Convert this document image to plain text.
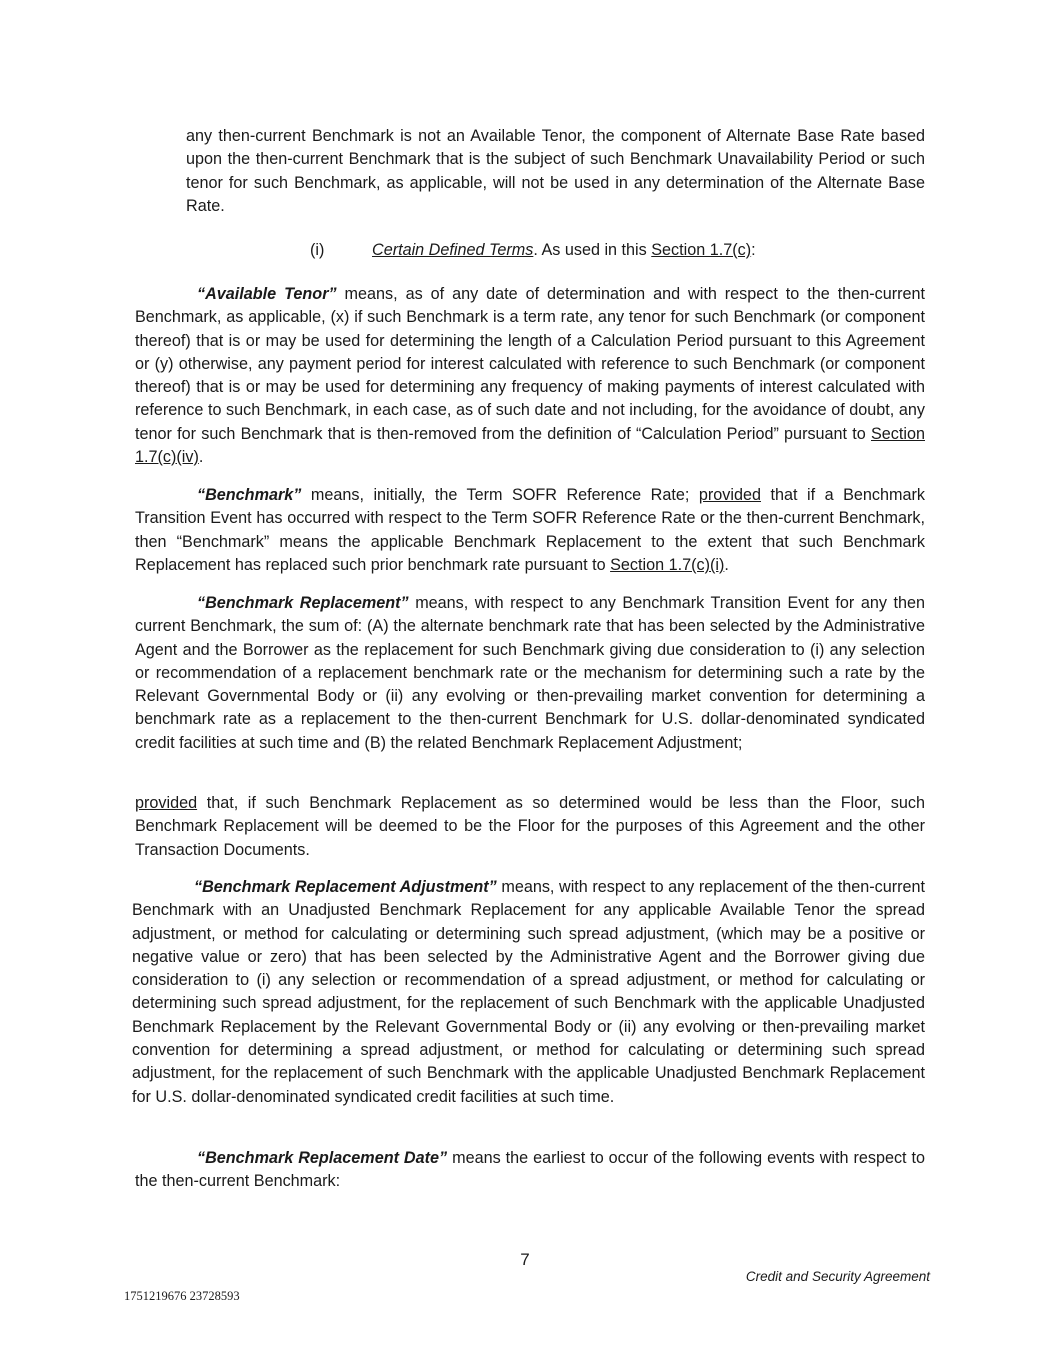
any then-current Benchmark is not an Available Tenor, the component of Alternate Base Rate based upon the then-current Benchmark that is the subject of such Benchmark Unavailability Period or such tenor for such Benchmark, as applicable, will not be used in any determination of the Alternate Base Rate.

(i)	Certain Defined Terms. As used in this Section 1.7(c):

“Available Tenor” means, as of any date of determination and with respect to the then-current Benchmark, as applicable, (x) if such Benchmark is a term rate, any tenor for such Benchmark (or component thereof) that is or may be used for determining the length of a Calculation Period pursuant to this Agreement or (y) otherwise, any payment period for interest calculated with reference to such Benchmark (or component thereof) that is or may be used for determining any frequency of making payments of interest calculated with reference to such Benchmark, in each case, as of such date and not including, for the avoidance of doubt, any tenor for such Benchmark that is then-removed from the definition of “Calculation Period” pursuant to Section 1.7(c)(iv).

“Benchmark” means, initially, the Term SOFR Reference Rate; provided that if a Benchmark Transition Event has occurred with respect to the Term SOFR Reference Rate or the then-current Benchmark, then “Benchmark” means the applicable Benchmark Replacement to the extent that such Benchmark Replacement has replaced such prior benchmark rate pursuant to Section 1.7(c)(i).

“Benchmark Replacement” means, with respect to any Benchmark Transition Event for any then current Benchmark, the sum of: (A) the alternate benchmark rate that has been selected by the Administrative Agent and the Borrower as the replacement for such Benchmark giving due consideration to (i) any selection or recommendation of a replacement benchmark rate or the mechanism for determining such a rate by the Relevant Governmental Body or (ii) any evolving or then-prevailing market convention for determining a benchmark rate as a replacement to the then-current Benchmark for U.S. dollar-denominated syndicated credit facilities at such time and (B) the related Benchmark Replacement Adjustment;

provided that, if such Benchmark Replacement as so determined would be less than the Floor, such Benchmark Replacement will be deemed to be the Floor for the purposes of this Agreement and the other Transaction Documents.

“Benchmark Replacement Adjustment” means, with respect to any replacement of the then-current Benchmark with an Unadjusted Benchmark Replacement for any applicable Available Tenor the spread adjustment, or method for calculating or determining such spread adjustment, (which may be a positive or negative value or zero) that has been selected by the Administrative Agent and the Borrower giving due consideration to (i) any selection or recommendation of a spread adjustment, or method for calculating or determining such spread adjustment, for the replacement of such Benchmark with the applicable Unadjusted Benchmark Replacement by the Relevant Governmental Body or (ii) any evolving or then-prevailing market convention for determining a spread adjustment, or method for calculating or determining such spread adjustment, for the replacement of such Benchmark with the applicable Unadjusted Benchmark Replacement for U.S. dollar-denominated syndicated credit facilities at such time.

“Benchmark Replacement Date” means the earliest to occur of the following events with respect to the then-current Benchmark:

7
Credit and Security Agreement
1751219676 23728593
